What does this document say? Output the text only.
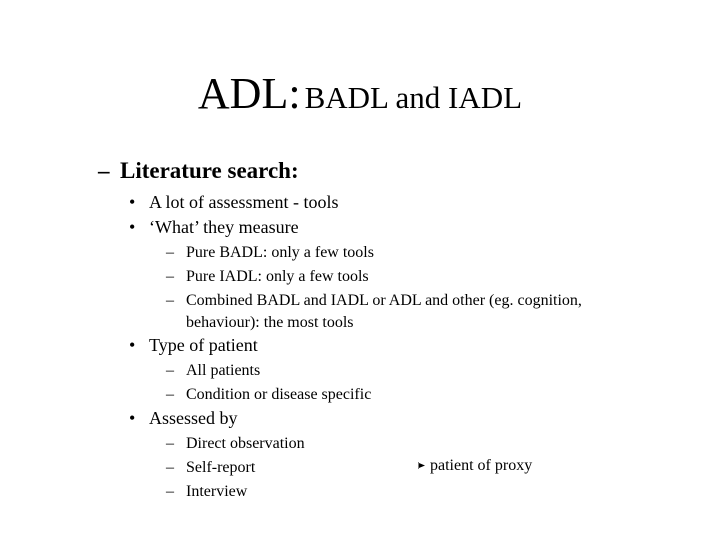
ADL: BADL and IADL
– Literature search:
• A lot of assessment - tools
• ‘What’ they measure
– Pure BADL: only a few tools
– Pure IADL: only a few tools
– Combined BADL and IADL or ADL and other (eg. cognition,
behaviour): the most tools
• Type of patient
– All patients
– Condition or disease specific
• Assessed by
– Direct observation
– Self-report
– Interview
patient of proxy
